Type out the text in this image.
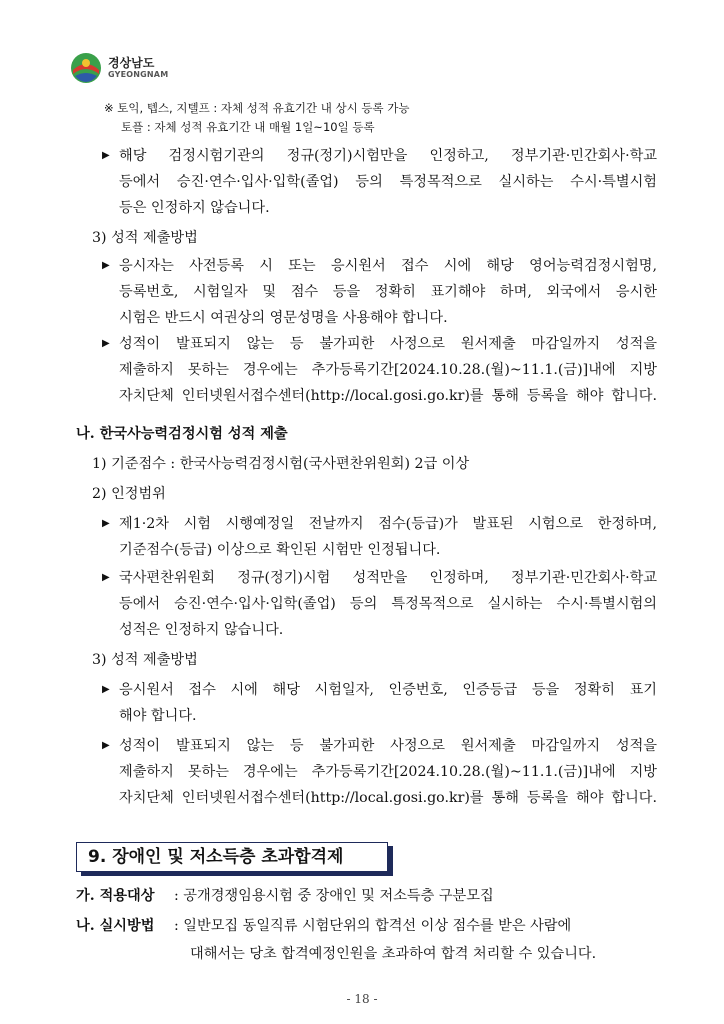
경상남도
GYEONGNAM
※ 토익, 텝스, 지텔프 : 자체 성적 유효기간 내 상시 등록 가능
토플 : 자체 성적 유효기간 내 매월 1일~10일 등록
▶ 해당 검정시험기관의 정규(정기)시험만을 인정하고, 정부기관·민간회사·학교
등에서 승진·연수·입사·입학(졸업) 등의 특정목적으로 실시하는 수시·특별시험
등은 인정하지 않습니다.
3) 성적 제출방법
▶ 응시자는 사전등록 시 또는 응시원서 접수 시에 해당 영어능력검정시험명,
등록번호, 시험일자 및 점수 등을 정확히 표기해야 하며, 외국에서 응시한
시험은 반드시 여권상의 영문성명을 사용해야 합니다.
▶ 성적이 발표되지 않는 등 불가피한 사정으로 원서제출 마감일까지 성적을
제출하지 못하는 경우에는 추가등록기간[2024.10.28.(월)~11.1.(금)]내에 지방
자치단체 인터넷원서접수센터(http://local.gosi.go.kr)를 통해 등록을 해야 합니다.
나. 한국사능력검정시험 성적 제출
1) 기준점수 : 한국사능력검정시험(국사편찬위원회) 2급 이상
2) 인정범위
▶ 제1·2차 시험 시행예정일 전날까지 점수(등급)가 발표된 시험으로 한정하며,
기준점수(등급) 이상으로 확인된 시험만 인정됩니다.
▶ 국사편찬위원회 정규(정기)시험 성적만을 인정하며, 정부기관·민간회사·학교
등에서 승진·연수·입사·입학(졸업) 등의 특정목적으로 실시하는 수시·특별시험의
성적은 인정하지 않습니다.
3) 성적 제출방법
▶ 응시원서 접수 시에 해당 시험일자, 인증번호, 인증등급 등을 정확히 표기
해야 합니다.
▶ 성적이 발표되지 않는 등 불가피한 사정으로 원서제출 마감일까지 성적을
제출하지 못하는 경우에는 추가등록기간[2024.10.28.(월)~11.1.(금)]내에 지방
자치단체 인터넷원서접수센터(http://local.gosi.go.kr)를 통해 등록을 해야 합니다.
9. 장애인 및 저소득층 초과합격제
가. 적용대상 : 공개경쟁임용시험 중 장애인 및 저소득층 구분모집
나. 실시방법 : 일반모집 동일직류 시험단위의 합격선 이상 점수를 받은 사람에
대해서는 당초 합격예정인원을 초과하여 합격 처리할 수 있습니다.
- 18 -
